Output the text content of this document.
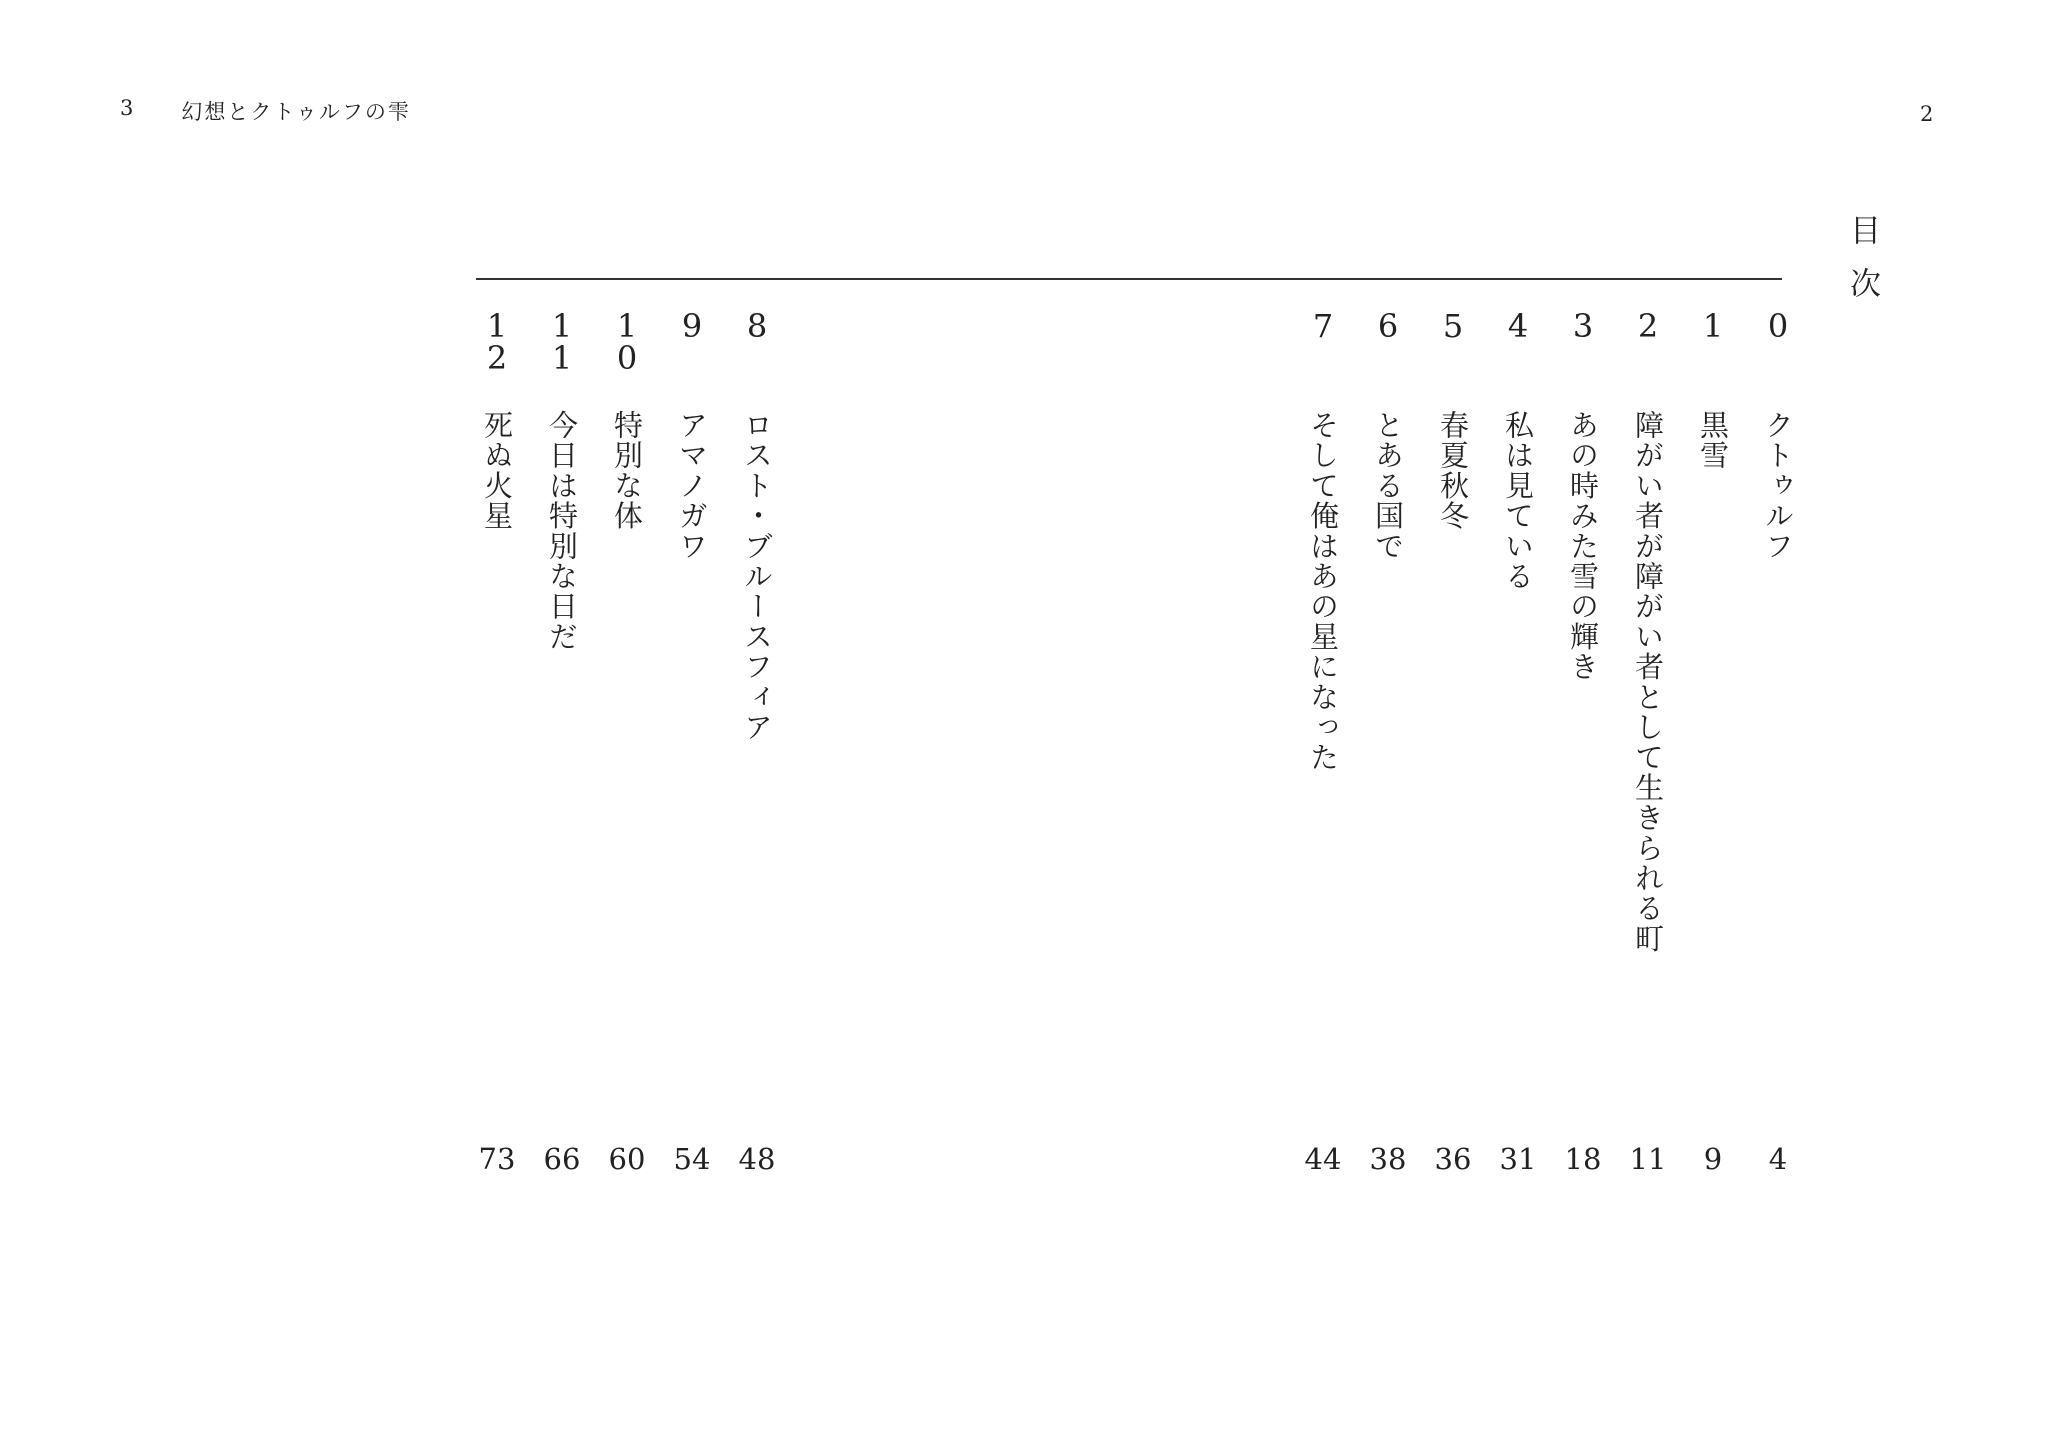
3 幻想とクトゥルフの雫	2
目次
0
クトゥルフ
4
1
黒雪
9
2
障がい者が障がい者として生きられる町
11
3
あの時みた雪の輝き
18
4
私は見ている
31
5
春夏秋冬
36
6
とある国で
38
7
そして俺はあの星になった
44
8
ロスト・ブルースフィア
48
9
アマノガワ
54
1
0
特別な体
60
1
1
今日は特別な日だ
66
1
2
死ぬ火星
73
